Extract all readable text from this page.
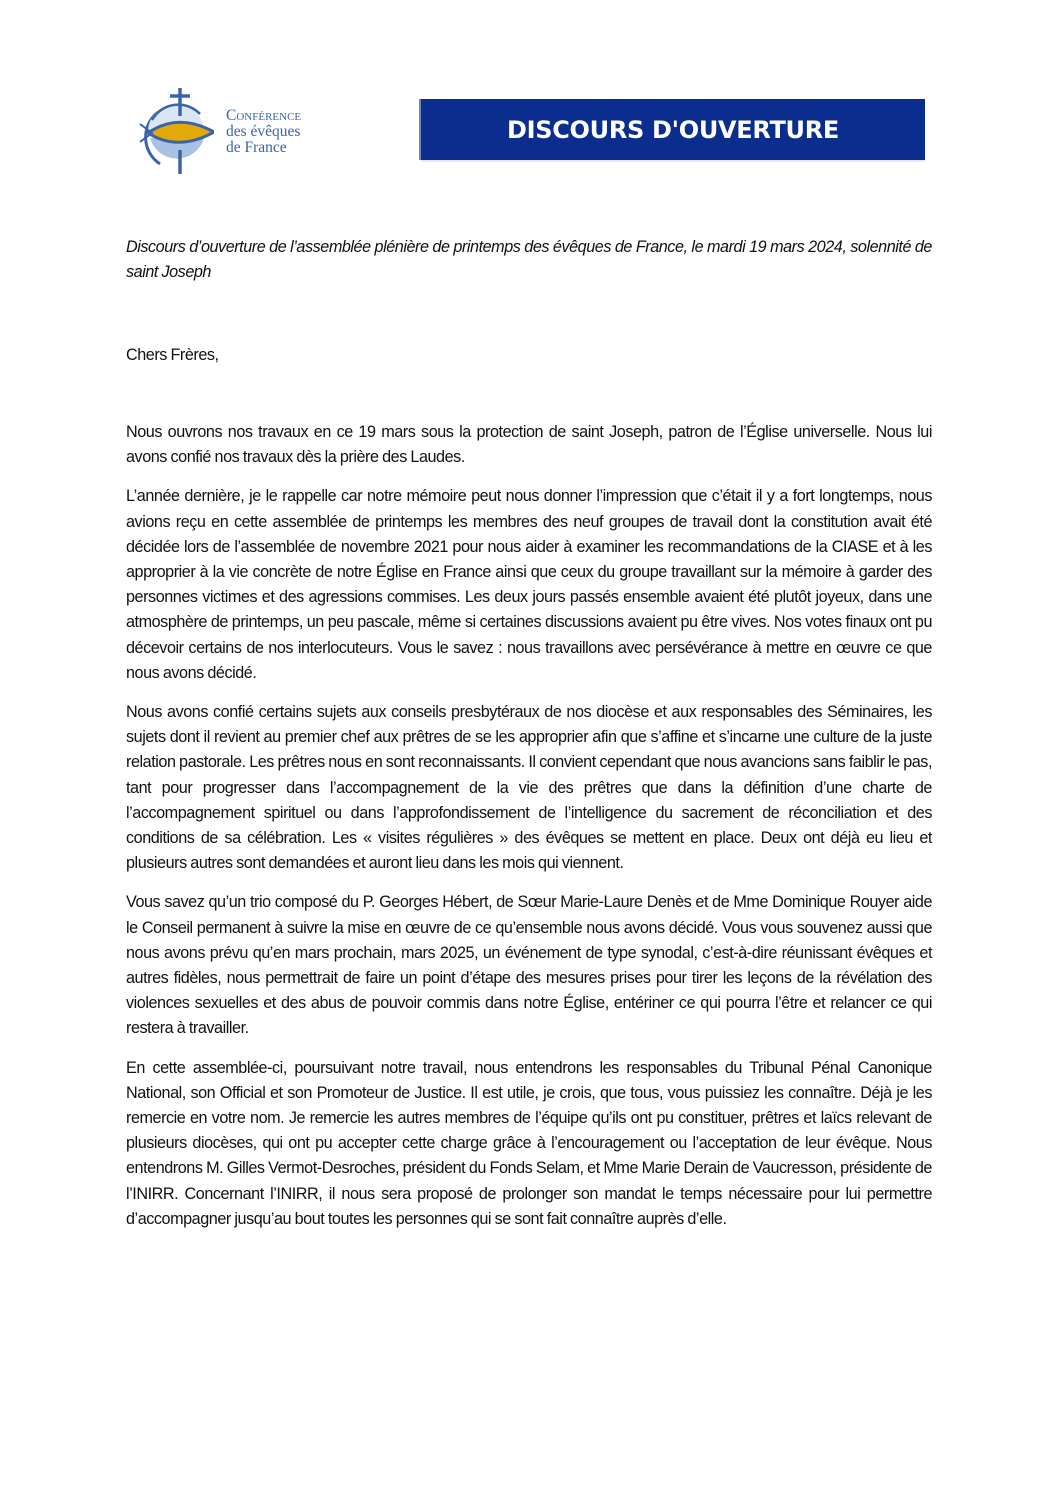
Conférence
des évêques
de France
DISCOURS D'OUVERTURE
Discours d’ouverture de l’assemblée plénière de printemps des évêques de France, le mardi 19 mars 2024, solennité de saint Joseph
Chers Frères,

Nous ouvrons nos travaux en ce 19 mars sous la protection de saint Joseph, patron de l’Église universelle. Nous lui avons confié nos travaux dès la prière des Laudes.

L’année dernière, je le rappelle car notre mémoire peut nous donner l’impression que c’était il y a fort longtemps, nous avions reçu en cette assemblée de printemps les membres des neuf groupes de travail dont la constitution avait été décidée lors de l’assemblée de novembre 2021 pour nous aider à examiner les recommandations de la CIASE et à les approprier à la vie concrète de notre Église en France ainsi que ceux du groupe travaillant sur la mémoire à garder des personnes victimes et des agressions commises. Les deux jours passés ensemble avaient été plutôt joyeux, dans une atmosphère de printemps, un peu pascale, même si certaines discussions avaient pu être vives. Nos votes finaux ont pu décevoir certains de nos interlocuteurs. Vous le savez : nous travaillons avec persévérance à mettre en œuvre ce que nous avons décidé.

Nous avons confié certains sujets aux conseils presbytéraux de nos diocèse et aux responsables des Séminaires, les sujets dont il revient au premier chef aux prêtres de se les approprier afin que s’affine et s’incarne une culture de la juste relation pastorale. Les prêtres nous en sont reconnaissants. Il convient cependant que nous avancions sans faiblir le pas, tant pour progresser dans l’accompagnement de la vie des prêtres que dans la définition d’une charte de l’accompagnement spirituel ou dans l’approfondissement de l’intelligence du sacrement de réconciliation et des conditions de sa célébration. Les « visites régulières » des évêques se mettent en place. Deux ont déjà eu lieu et plusieurs autres sont demandées et auront lieu dans les mois qui viennent.

Vous savez qu’un trio composé du P. Georges Hébert, de Sœur Marie-Laure Denès et de Mme Dominique Rouyer aide le Conseil permanent à suivre la mise en œuvre de ce qu’ensemble nous avons décidé. Vous vous souvenez aussi que nous avons prévu qu’en mars prochain, mars 2025, un événement de type synodal, c’est-à-dire réunissant évêques et autres fidèles, nous permettrait de faire un point d’étape des mesures prises pour tirer les leçons de la révélation des violences sexuelles et des abus de pouvoir commis dans notre Église, entériner ce qui pourra l’être et relancer ce qui restera à travailler.

En cette assemblée-ci, poursuivant notre travail, nous entendrons les responsables du Tribunal Pénal Canonique National, son Official et son Promoteur de Justice. Il est utile, je crois, que tous, vous puissiez les connaître. Déjà je les remercie en votre nom. Je remercie les autres membres de l’équipe qu’ils ont pu constituer, prêtres et laïcs relevant de plusieurs diocèses, qui ont pu accepter cette charge grâce à l’encouragement ou l’acceptation de leur évêque. Nous entendrons M. Gilles Vermot-Desroches, président du Fonds Selam, et Mme Marie Derain de Vaucresson, présidente de l’INIRR. Concernant l’INIRR, il nous sera proposé de prolonger son mandat le temps nécessaire pour lui permettre d’accompagner jusqu’au bout toutes les personnes qui se sont fait connaître auprès d’elle.
